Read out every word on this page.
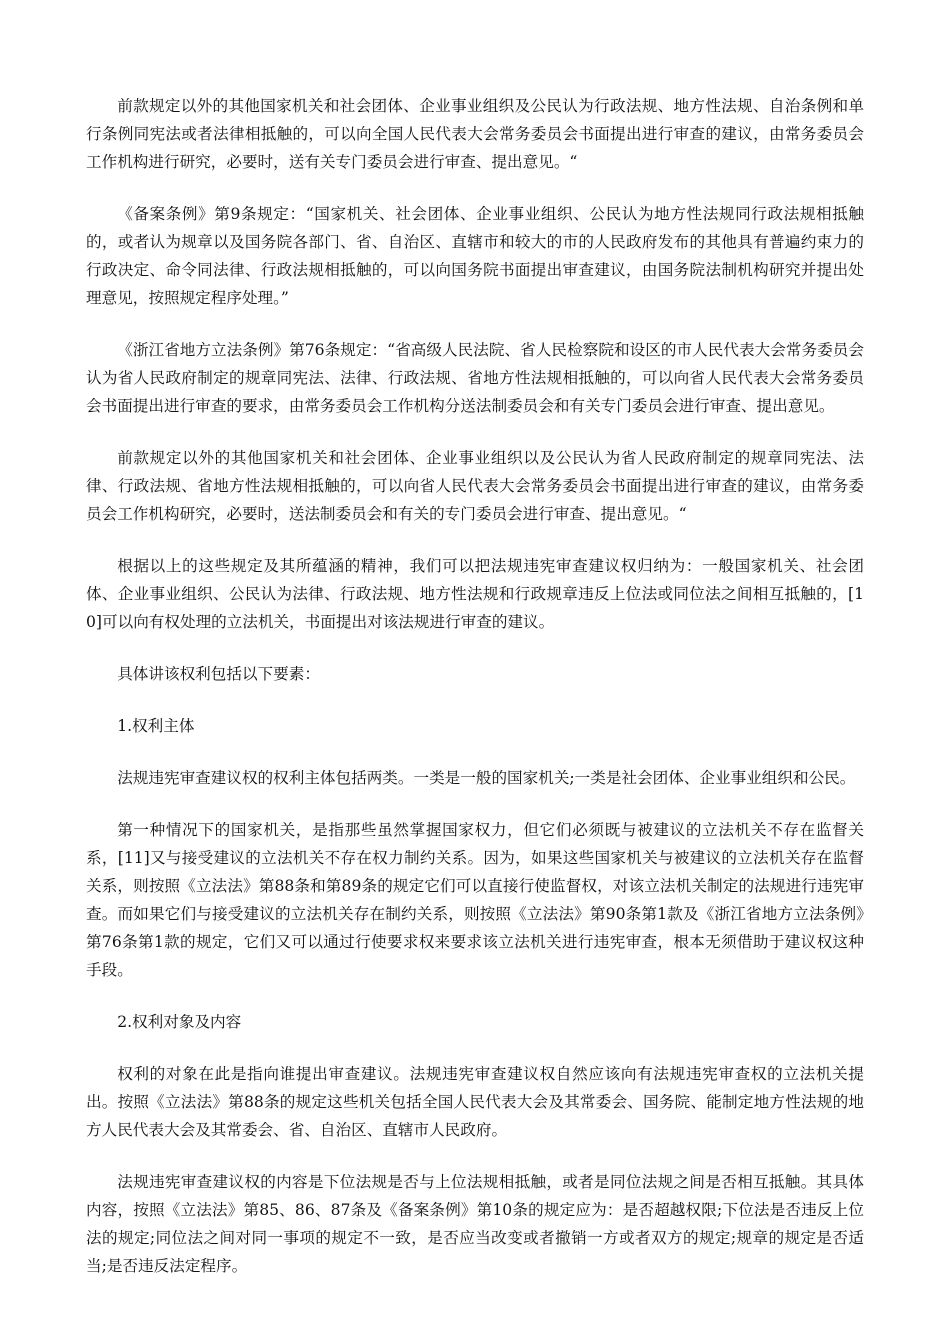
前款规定以外的其他国家机关和社会团体、企业事业组织及公民认为行政法规、地方性法规、自治条例和单行条例同宪法或者法律相抵触的，可以向全国人民代表大会常务委员会书面提出进行审查的建议，由常务委员会工作机构进行研究，必要时，送有关专门委员会进行审查、提出意见。“

《备案条例》第9条规定：“国家机关、社会团体、企业事业组织、公民认为地方性法规同行政法规相抵触的，或者认为规章以及国务院各部门、省、自治区、直辖市和较大的市的人民政府发布的其他具有普遍约束力的行政决定、命令同法律、行政法规相抵触的，可以向国务院书面提出审查建议，由国务院法制机构研究并提出处理意见，按照规定程序处理。”

《浙江省地方立法条例》第76条规定：“省高级人民法院、省人民检察院和设区的市人民代表大会常务委员会认为省人民政府制定的规章同宪法、法律、行政法规、省地方性法规相抵触的，可以向省人民代表大会常务委员会书面提出进行审查的要求，由常务委员会工作机构分送法制委员会和有关专门委员会进行审查、提出意见。

前款规定以外的其他国家机关和社会团体、企业事业组织以及公民认为省人民政府制定的规章同宪法、法律、行政法规、省地方性法规相抵触的，可以向省人民代表大会常务委员会书面提出进行审查的建议，由常务委员会工作机构研究，必要时，送法制委员会和有关的专门委员会进行审查、提出意见。“

根据以上的这些规定及其所蕴涵的精神，我们可以把法规违宪审查建议权归纳为：一般国家机关、社会团体、企业事业组织、公民认为法律、行政法规、地方性法规和行政规章违反上位法或同位法之间相互抵触的，[10]可以向有权处理的立法机关，书面提出对该法规进行审查的建议。

具体讲该权利包括以下要素：

1.权利主体

法规违宪审查建议权的权利主体包括两类。一类是一般的国家机关;一类是社会团体、企业事业组织和公民。

第一种情况下的国家机关，是指那些虽然掌握国家权力，但它们必须既与被建议的立法机关不存在监督关系，[11]又与接受建议的立法机关不存在权力制约关系。因为，如果这些国家机关与被建议的立法机关存在监督关系，则按照《立法法》第88条和第89条的规定它们可以直接行使监督权，对该立法机关制定的法规进行违宪审查。而如果它们与接受建议的立法机关存在制约关系，则按照《立法法》第90条第1款及《浙江省地方立法条例》第76条第1款的规定，它们又可以通过行使要求权来要求该立法机关进行违宪审查，根本无须借助于建议权这种手段。

2.权利对象及内容

权利的对象在此是指向谁提出审查建议。法规违宪审查建议权自然应该向有法规违宪审查权的立法机关提出。按照《立法法》第88条的规定这些机关包括全国人民代表大会及其常委会、国务院、能制定地方性法规的地方人民代表大会及其常委会、省、自治区、直辖市人民政府。

法规违宪审查建议权的内容是下位法规是否与上位法规相抵触，或者是同位法规之间是否相互抵触。其具体内容，按照《立法法》第85、86、87条及《备案条例》第10条的规定应为：是否超越权限;下位法是否违反上位法的规定;同位法之间对同一事项的规定不一致，是否应当改变或者撤销一方或者双方的规定;规章的规定是否适当;是否违反法定程序。
